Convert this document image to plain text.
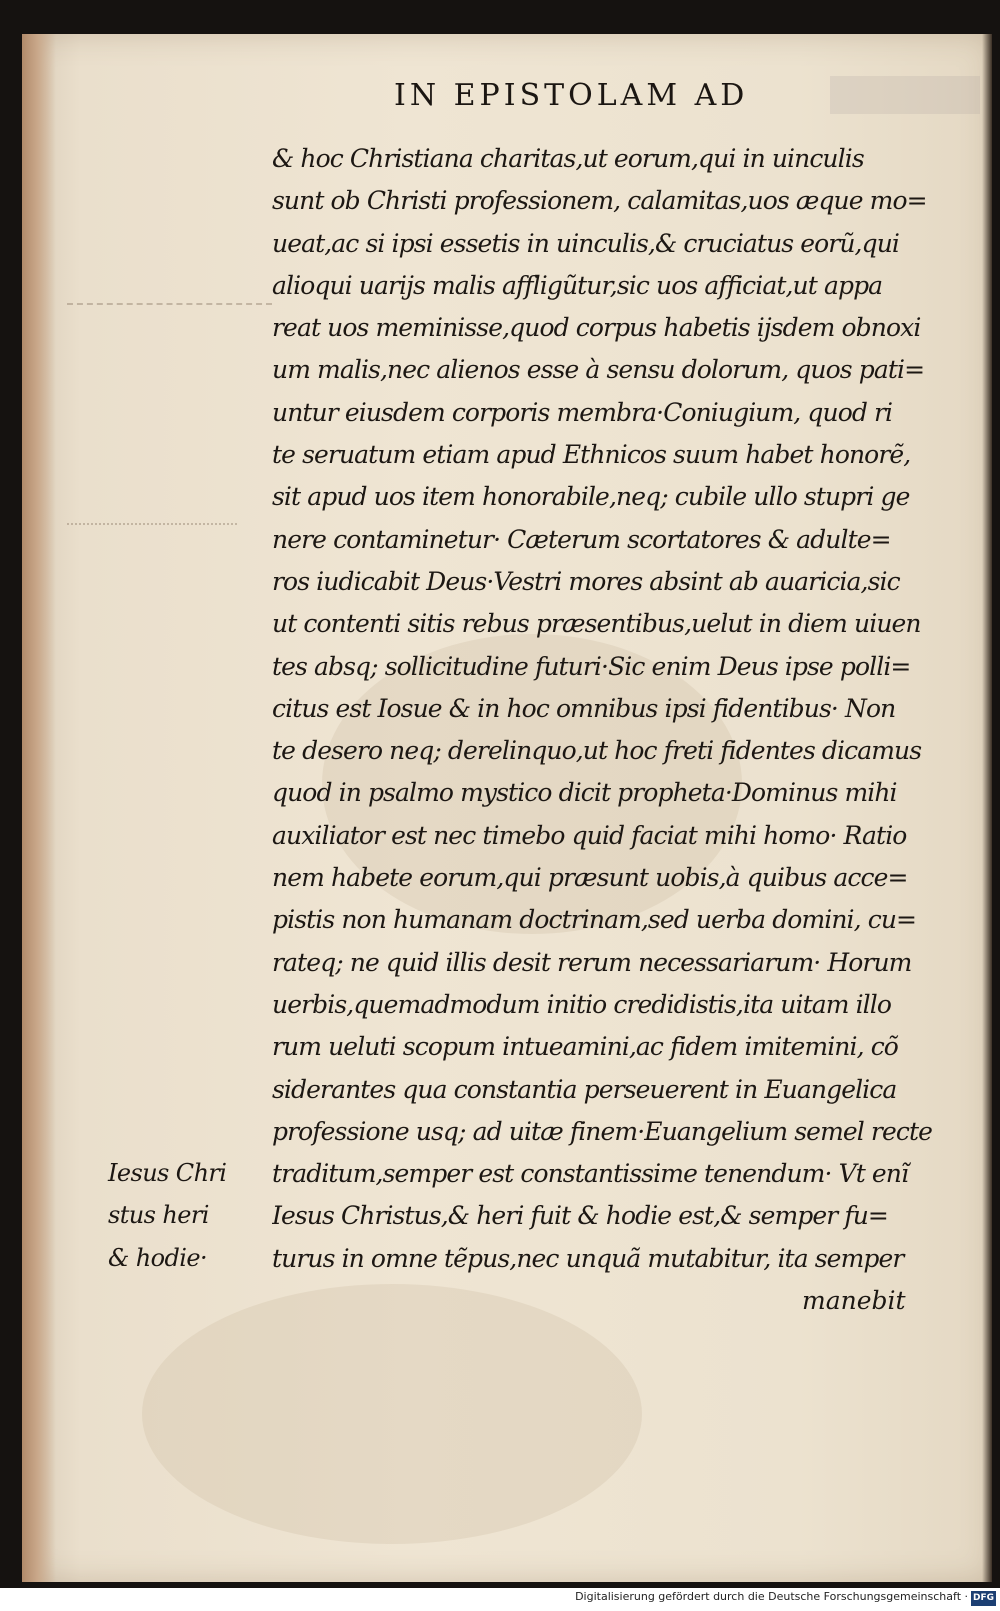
IN EPISTOLAM AD
& hoc Christiana charitas,ut eorum,qui in uinculis
sunt ob Christi professionem, calamitas,uos æque mo=
ueat,ac si ipsi essetis in uinculis,& cruciatus eorũ,qui
alioqui uarijs malis affligũtur,sic uos afficiat,ut appa
reat uos meminisse,quod corpus habetis ijsdem obnoxi
um malis,nec alienos esse à sensu dolorum, quos pati=
untur eiusdem corporis membra·Coniugium, quod ri
te seruatum etiam apud Ethnicos suum habet honorẽ,
sit apud uos item honorabile,neq; cubile ullo stupri ge
nere contaminetur· Cæterum scortatores & adulte=
ros iudicabit Deus·Vestri mores absint ab auaricia,sic
ut contenti sitis rebus præsentibus,uelut in diem uiuen
tes absq; sollicitudine futuri·Sic enim Deus ipse polli=
citus est Iosue & in hoc omnibus ipsi fidentibus· Non
te desero neq; derelinquo,ut hoc freti fidentes dicamus
quod in psalmo mystico dicit propheta·Dominus mihi
auxiliator est nec timebo quid faciat mihi homo· Ratio
nem habete eorum,qui præsunt uobis,à quibus acce=
pistis non humanam doctrinam,sed uerba domini, cu=
rateq; ne quid illis desit rerum necessariarum· Horum
uerbis,quemadmodum initio credidistis,ita uitam illo
rum ueluti scopum intueamini,ac fidem imitemini, cõ
siderantes qua constantia perseuerent in Euangelica
professione usq; ad uitæ finem·Euangelium semel recte
traditum,semper est constantissime tenendum· Vt enĩ
Iesus Christus,& heri fuit & hodie est,& semper fu=
turus in omne tẽpus,nec unquã mutabitur, ita semper
Iesus Chri
stus heri
& hodie·
manebit
Digitalisierung gefördert durch die Deutsche Forschungsgemeinschaft · DFG
